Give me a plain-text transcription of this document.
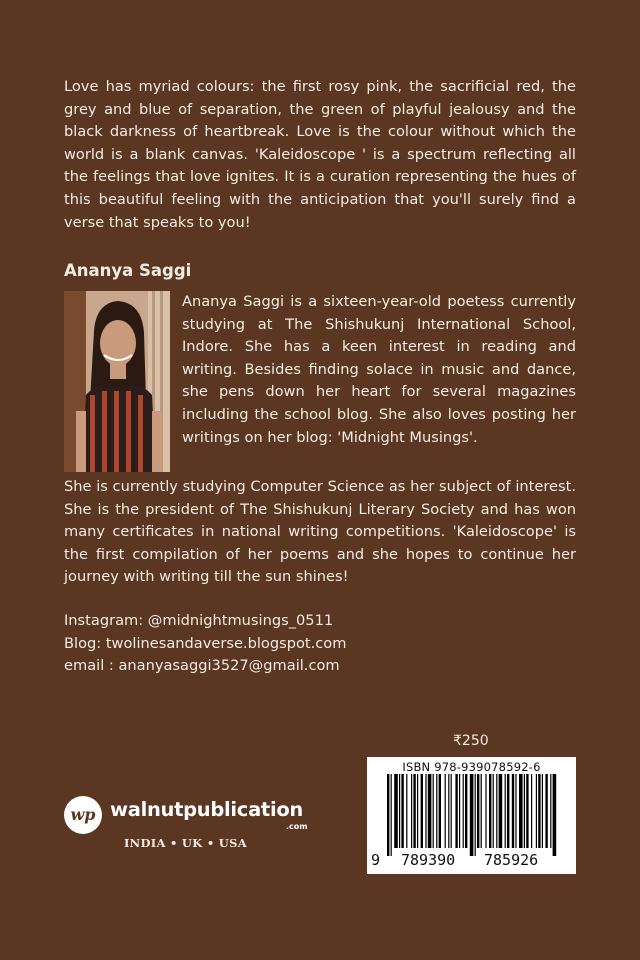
Love has myriad colours: the first rosy pink, the sacrificial red, the grey and blue of separation, the green of playful jealousy and the black darkness of heartbreak. Love is the colour without which the world is a blank canvas. 'Kaleidoscope ' is a spectrum reflecting all the feelings that love ignites. It is a curation representing the hues of this beautiful feeling with the anticipation that you'll surely find a verse that speaks to you!

Ananya Saggi

Ananya Saggi is a sixteen-year-old poetess currently studying at The Shishukunj International School, Indore. She has a keen interest in reading and writing. Besides finding solace in music and dance, she pens down her heart for several magazines including the school blog. She also loves posting her writings on her blog: 'Midnight Musings'.

She is currently studying Computer Science as her subject of interest. She is the president of The Shishukunj Literary Society and has won many certificates in national writing competitions. 'Kaleidoscope' is the first compilation of her poems and she hopes to continue her journey with writing till the sun shines!

Instagram: @midnightmusings_0511
Blog: twolinesandaverse.blogspot.com
email : ananyasaggi3527@gmail.com
₹250
ISBN 978-939078592-6
9 789390 785926
wp walnutpublication
.com
INDIA • UK • USA
